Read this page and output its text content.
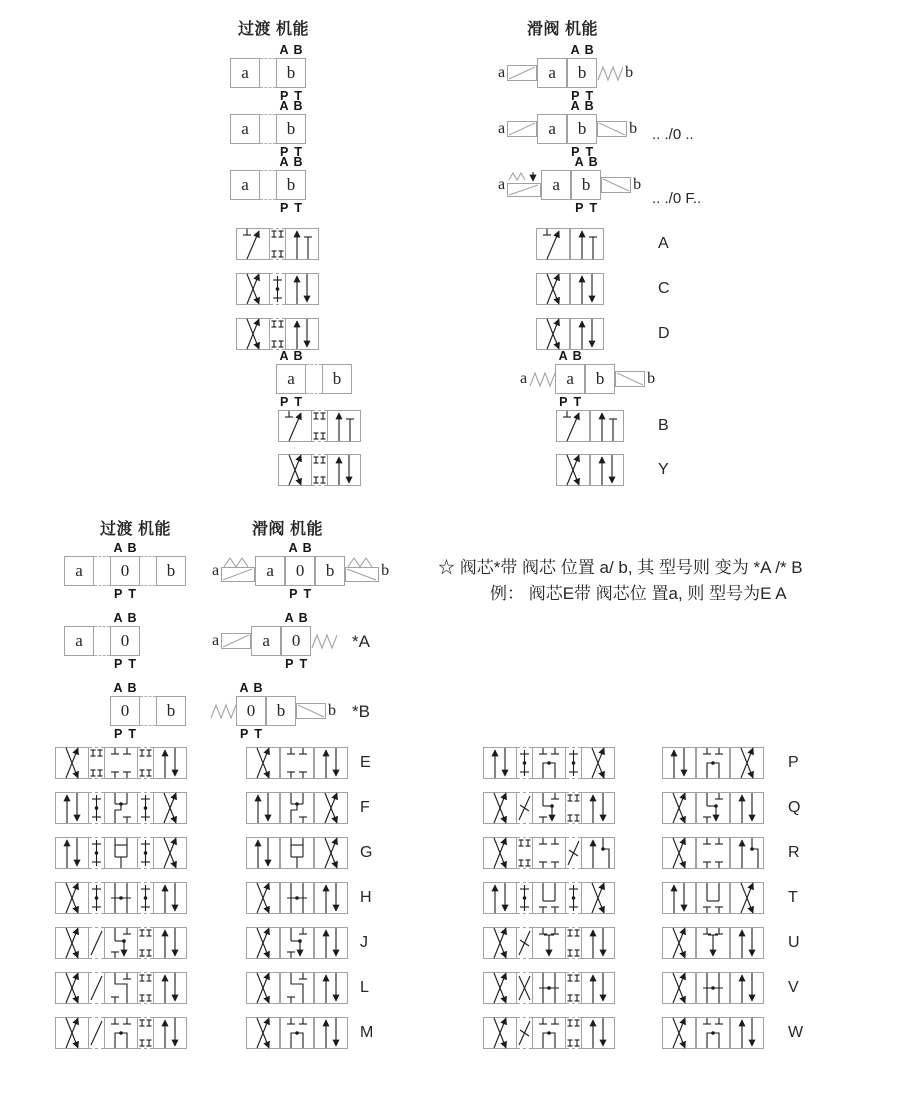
过渡 机能	滑阀 机能
过渡 机能	滑阀 机能
☆ 阀芯*带 阀芯 位置 a/ b, 其 型号则 变为 *A /* B
例： 阀芯E带 阀芯位 置a, 则 型号为E A
a b
A B
P T
a	a b
A B
P T
b
a b
A B
P T
a	a b
A B
P T
b .. ./0 ..
a b
A B
P T
a	a b
A B
P T
b
.. ./0 F..
A
C
D
a
A B
P T
b	a a
A B
P T
b	b
B
Y
a 0
A B
P T
b a	a 0
A B
P T
b	b
a 0
A B
P T
a	a 0
A B
P T
*A
0
A B
P T
b	0
A B
P T
b	b *B
E
F
G
H
J
L
M
P
Q
R
T
U
V
W
